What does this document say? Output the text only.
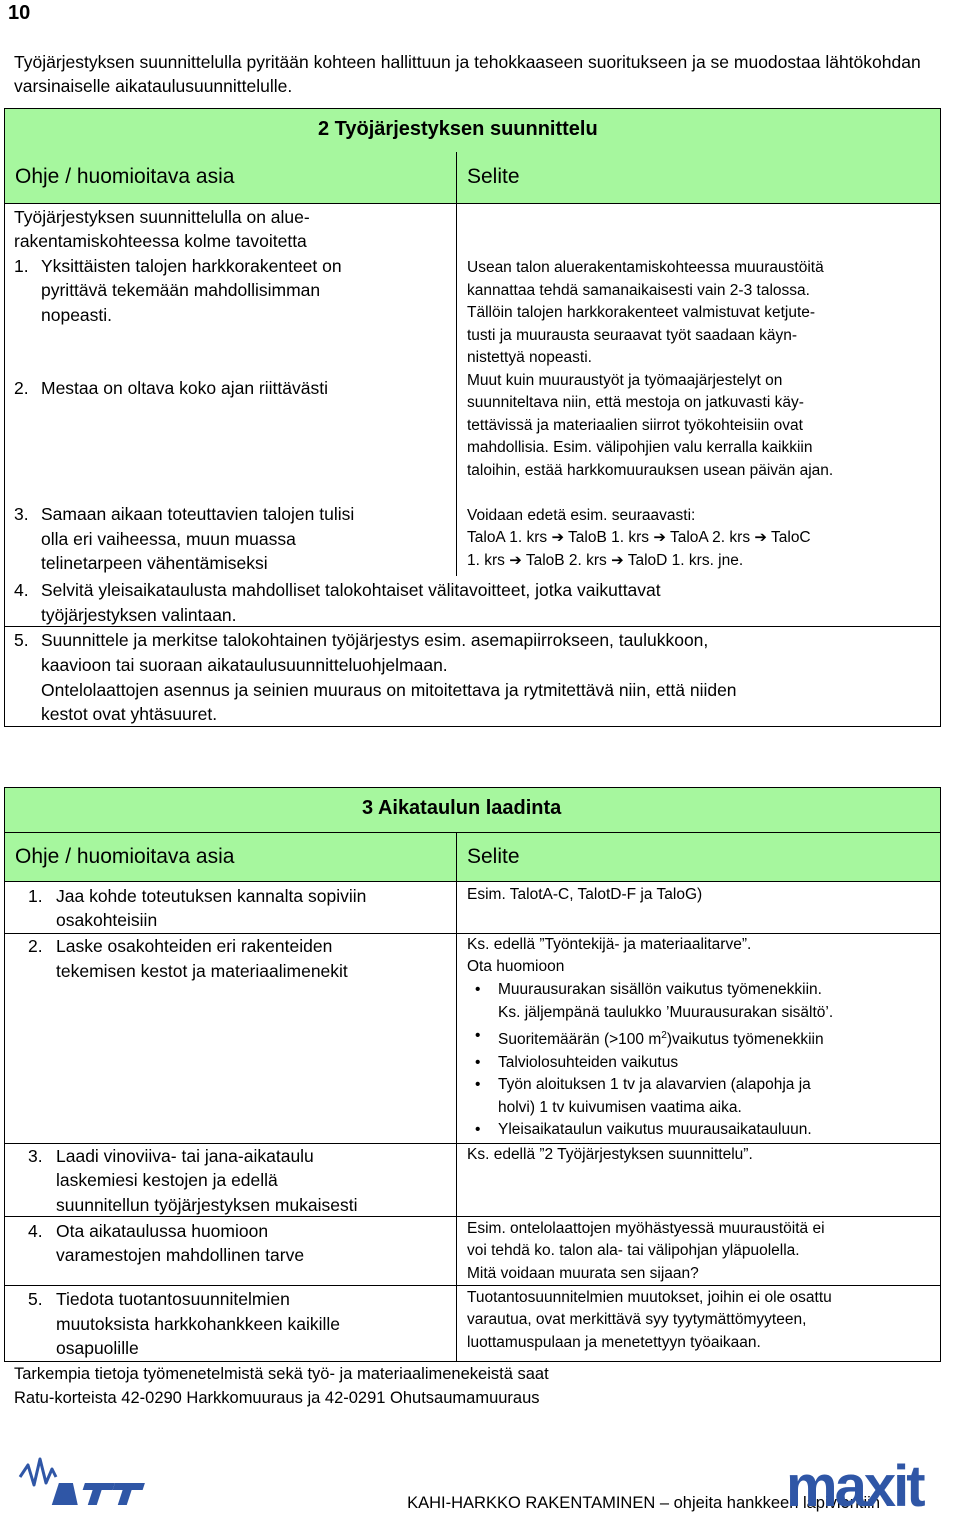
10
Työjärjestyksen suunnittelulla pyritään kohteen hallittuun ja tehokkaaseen suoritukseen ja se muodostaa lähtökohdan varsinaiselle aikataulusuunnittelulle.
2 Työjärjestyksen suunnittelu
Ohje / huomioitava asia	Selite
Työjärjestyksen suunnittelulla on alue-
rakentamiskohteessa kolme tavoitetta
1. Yksittäisten talojen harkkorakenteet on
pyrittävä tekemään mahdollisimman
nopeasti.
2. Mestaa on oltava koko ajan riittävästi
3. Samaan aikaan toteuttavien talojen tulisi
olla eri vaiheessa, muun muassa
telinetarpeen vähentämiseksi
Usean talon aluerakentamiskohteessa muuraustöitä
kannattaa tehdä samanaikaisesti vain 2-3 talossa.
Tällöin talojen harkkorakenteet valmistuvat ketjute-
tusti ja muurausta seuraavat työt saadaan käyn-
nistettyä nopeasti.
Muut kuin muuraustyöt ja työmaajärjestelyt on
suunniteltava niin, että mestoja on jatkuvasti käy-
tettävissä ja materiaalien siirrot työkohteisiin ovat
mahdollisia. Esim. välipohjien valu kerralla kaikkiin
taloihin, estää harkkomuurauksen usean päivän ajan.
Voidaan edetä esim. seuraavasti:
TaloA 1. krs ➔ TaloB 1. krs ➔ TaloA 2. krs ➔ TaloC
1. krs ➔ TaloB 2. krs ➔ TaloD 1. krs. jne.
4. Selvitä yleisaikataulusta mahdolliset talokohtaiset välitavoitteet, jotka vaikuttavat
työjärjestyksen valintaan.
5. Suunnittele ja merkitse talokohtainen työjärjestys esim. asemapiirrokseen, taulukkoon,
kaavioon tai suoraan aikataulusuunnitteluohjelmaan.
Ontelolaattojen asennus ja seinien muuraus on mitoitettava ja rytmitettävä niin, että niiden
kestot ovat yhtäsuuret.
3 Aikataulun laadinta
Ohje / huomioitava asia	Selite
1. Jaa kohde toteutuksen kannalta sopiviin
osakohteisiin
2. Laske osakohteiden eri rakenteiden
tekemisen kestot ja materiaalimenekit
3. Laadi vinoviiva- tai jana-aikataulu
laskemiesi kestojen ja edellä
suunnitellun työjärjestyksen mukaisesti
4. Ota aikataulussa huomioon
varamestojen mahdollinen tarve
5. Tiedota tuotantosuunnitelmien
muutoksista harkkohankkeen kaikille
osapuolille
Esim. TalotA-C, TalotD-F ja TaloG)
Ks. edellä ”Työntekijä- ja materiaalitarve”.
Ota huomioon
• Muurausurakan sisällön vaikutus työmenekkiin.
Ks. jäljempänä taulukko ’Muurausurakan sisältö’.
• Suoritemäärän (>100 $m^2)vaikutus$ työmenekkiin
• Talviolosuhteiden vaikutus
• Työn aloituksen 1 tv ja alavarvien (alapohja ja
holvi) 1 tv kuivumisen vaatima aika.
• Yleisaikataulun vaikutus muurausaikatauluun.
Ks. edellä ”2 Työjärjestyksen suunnittelu”.
Esim. ontelolaattojen myöhästyessä muuraustöitä ei
voi tehdä ko. talon ala- tai välipohjan yläpuolella.
Mitä voidaan muurata sen sijaan?
Tuotantosuunnitelmien muutokset, joihin ei ole osattu
varautua, ovat merkittävä syy tyytymättömyyteen,
luottamuspulaan ja menetettyyn työaikaan.
Tarkempia tietoja työmenetelmistä sekä työ- ja materiaalimenekeistä saat
Ratu-korteista 42-0290 Harkkomuuraus ja 42-0291 Ohutsaumamuuraus
KAHI-HARKKO RAKENTAMINEN – ohjeita hankkeen läpivientiin
maxit
